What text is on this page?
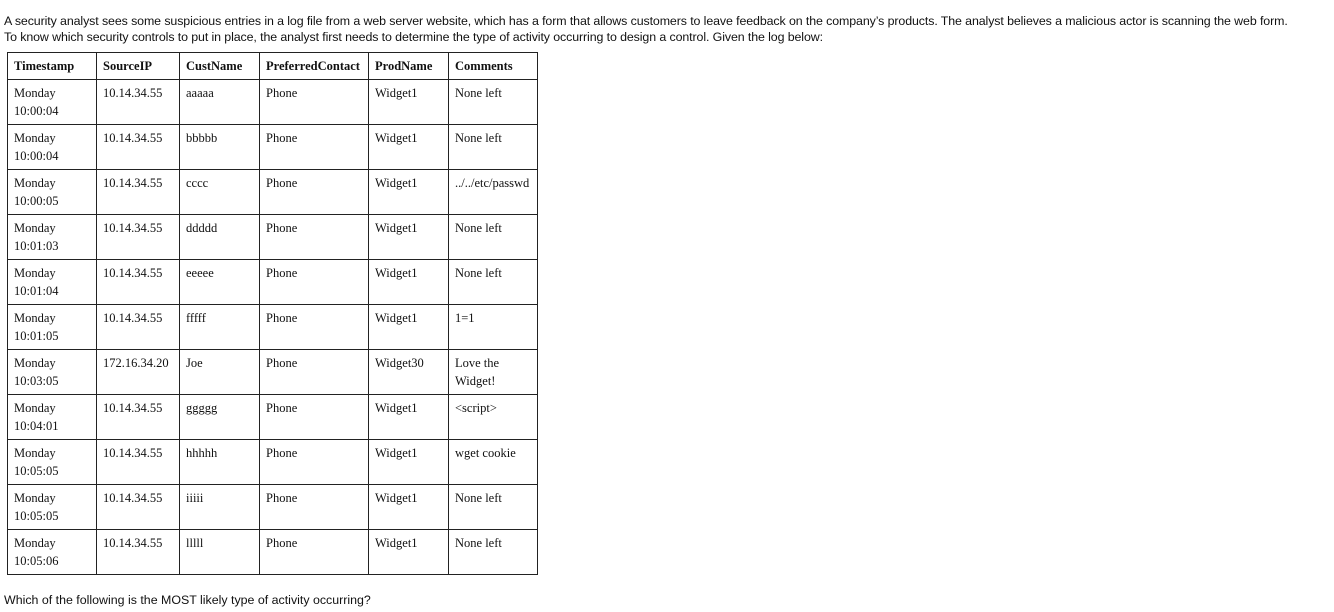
A security analyst sees some suspicious entries in a log file from a web server website, which has a form that allows customers to leave feedback on the company’s products. The analyst believes a malicious actor is scanning the web form.

To know which security controls to put in place, the analyst first needs to determine the type of activity occurring to design a control. Given the log below:

Timestamp	SourceIP	CustName	PreferredContact	ProdName	Comments
Monday
10:00:04	10.14.34.55	aaaaa	Phone	Widget1	None left
Monday
10:00:04	10.14.34.55	bbbbb	Phone	Widget1	None left
Monday
10:00:05	10.14.34.55	cccc	Phone	Widget1	../../etc/passwd
Monday
10:01:03	10.14.34.55	ddddd	Phone	Widget1	None left
Monday
10:01:04	10.14.34.55	eeeee	Phone	Widget1	None left
Monday
10:01:05	10.14.34.55	fffff	Phone	Widget1	1=1
Monday
10:03:05	172.16.34.20	Joe	Phone	Widget30	Love the
Widget!
Monday
10:04:01	10.14.34.55	ggggg	Phone	Widget1	<script>
Monday
10:05:05	10.14.34.55	hhhhh	Phone	Widget1	wget cookie
Monday
10:05:05	10.14.34.55	iiiii	Phone	Widget1	None left
Monday
10:05:06	10.14.34.55	lllll	Phone	Widget1	None left
Which of the following is the MOST likely type of activity occurring?
